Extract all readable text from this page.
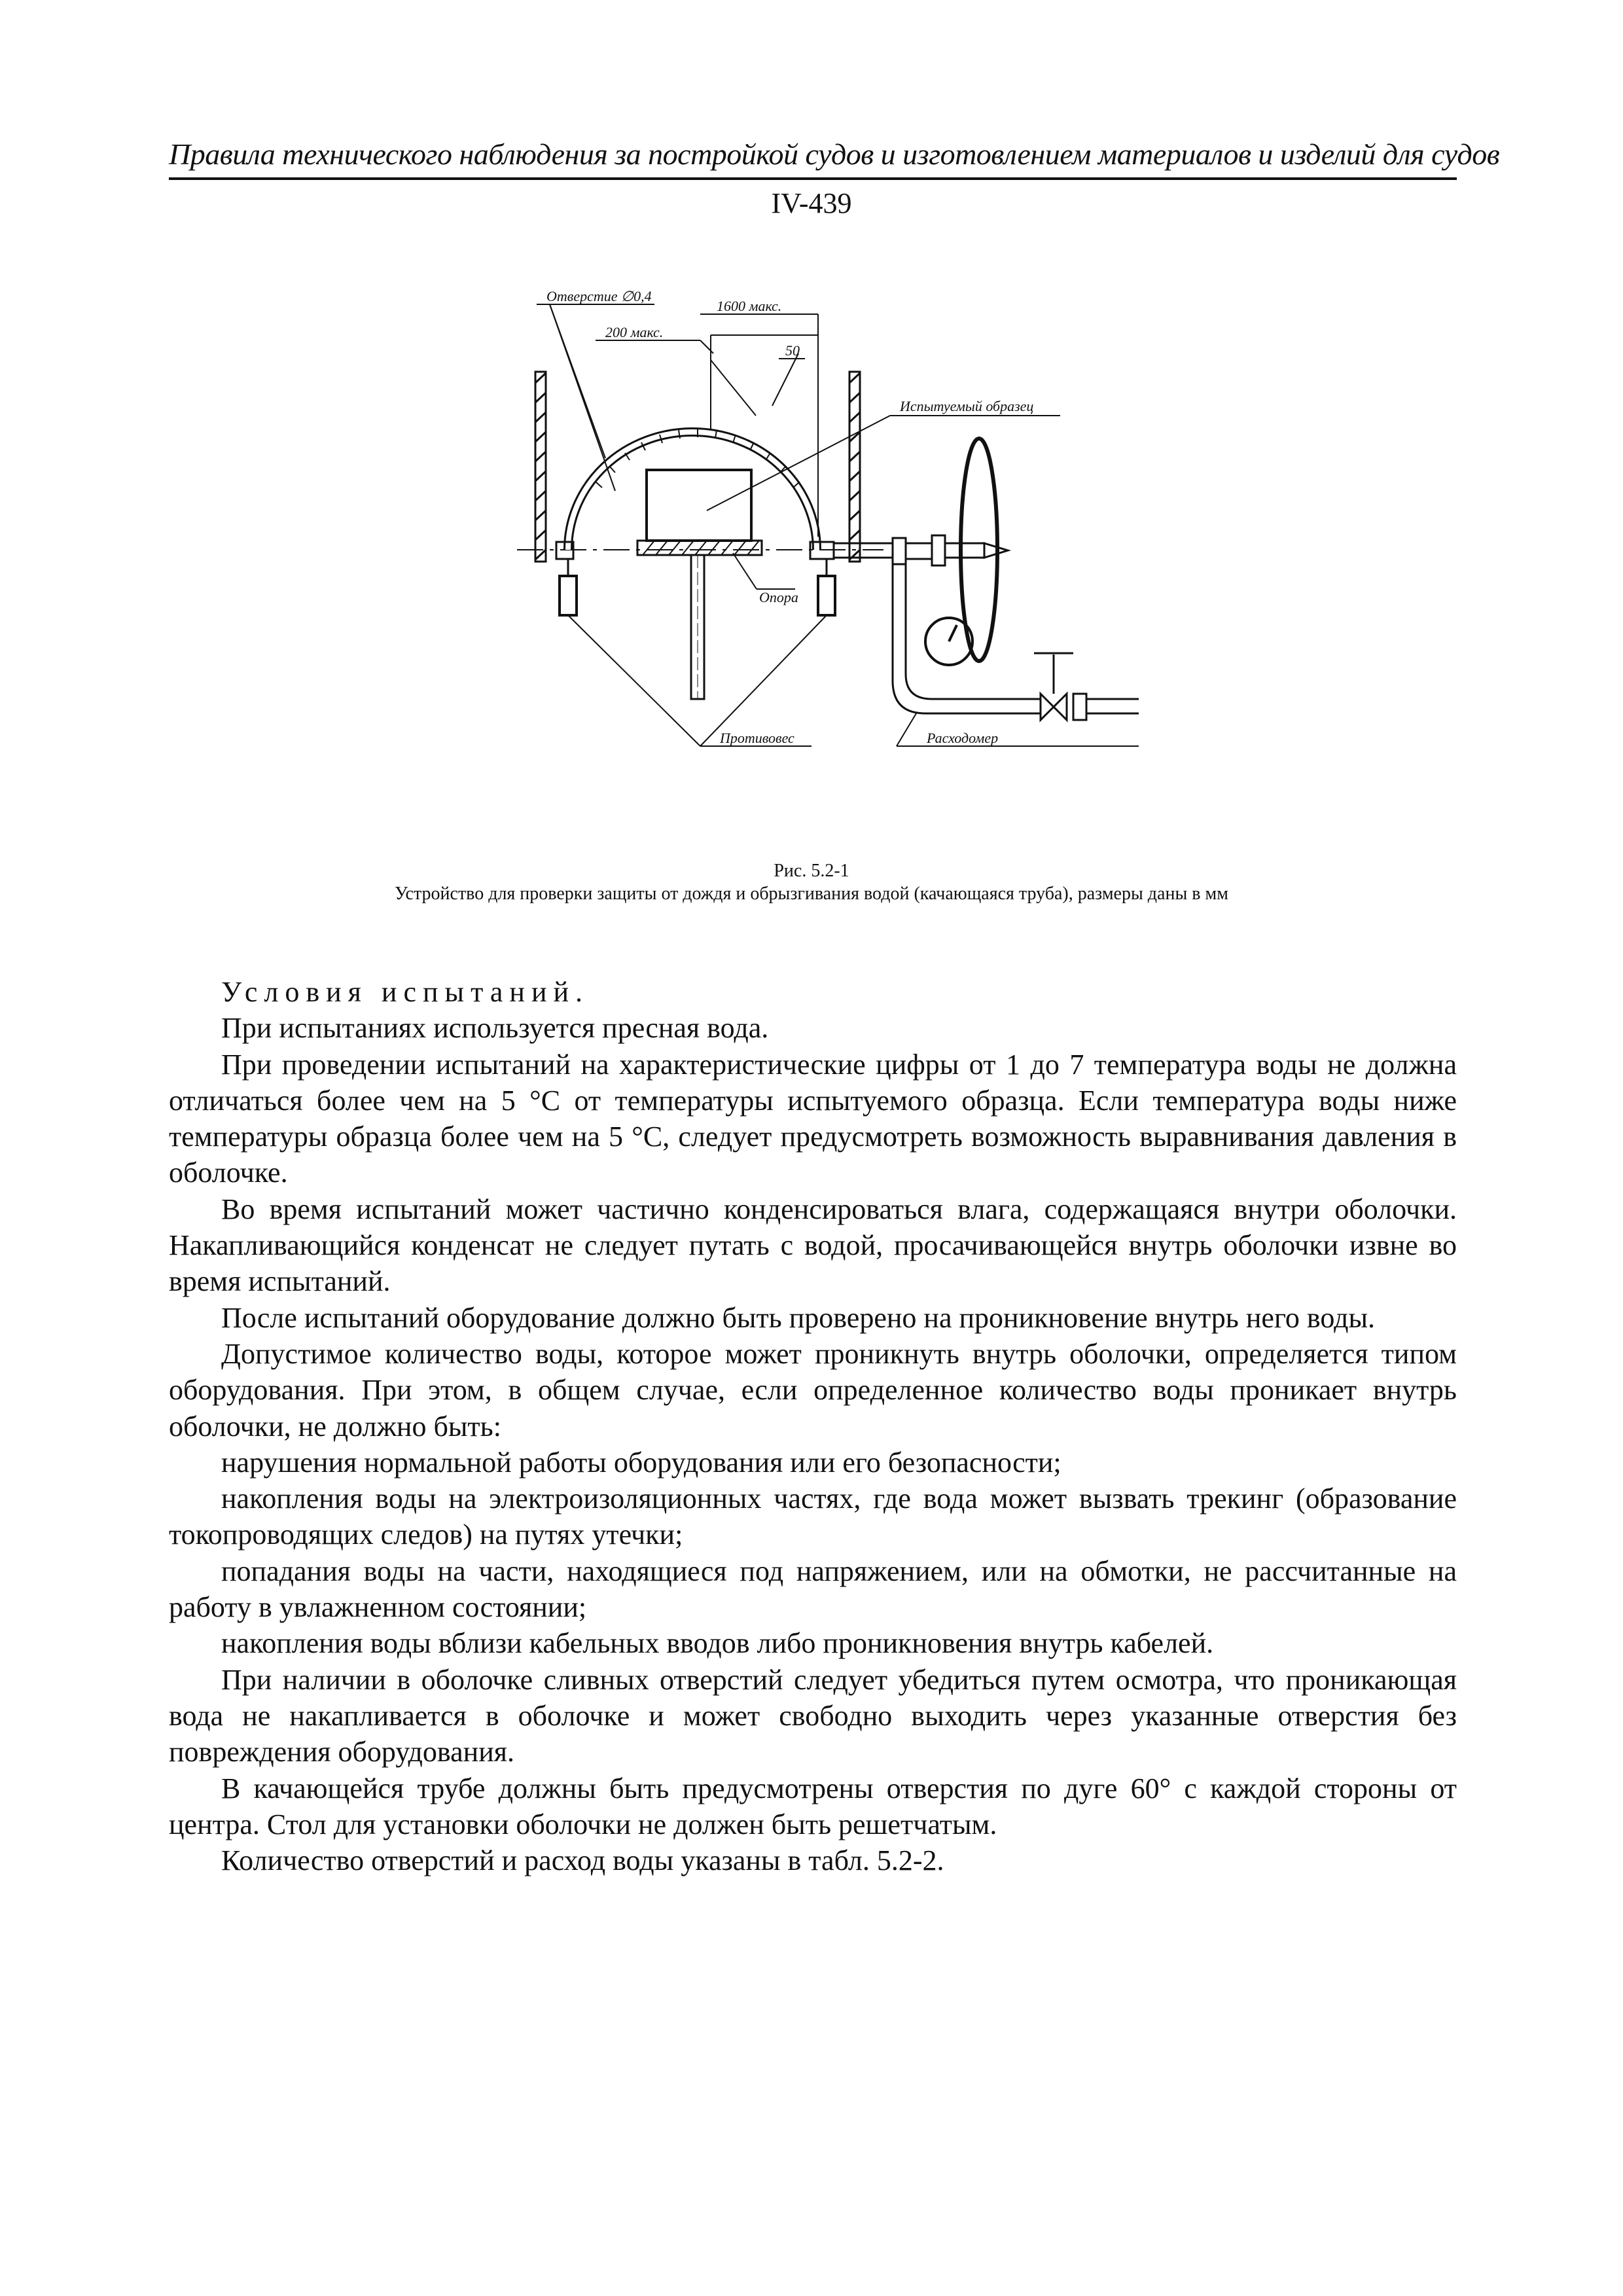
Правила технического наблюдения за постройкой судов и изготовлением материалов и изделий для судов
IV-439
Отверстие ∅0,4
1600 макс.
200 макс.
50
Испытуемый образец
Опора
Противовес	Расходомер
Рис. 5.2-1
Устройство для проверки защиты от дождя и обрызгивания водой (качающаяся труба), размеры даны в мм

Условия испытаний.

При испытаниях используется пресная вода.

При проведении испытаний на характеристические цифры от 1 до 7 температура воды не должна отличаться более чем на 5 °С от температуры испытуемого образца. Если температура воды ниже температуры образца более чем на 5 °С, следует предусмотреть возможность выравнивания давления в оболочке.

Во время испытаний может частично конденсироваться влага, содержащаяся внутри оболочки. Накапливающийся конденсат не следует путать с водой, просачивающейся внутрь оболочки извне во время испытаний.

После испытаний оборудование должно быть проверено на проникновение внутрь него воды.

Допустимое количество воды, которое может проникнуть внутрь оболочки, определяется типом оборудования. При этом, в общем случае, если определенное количество воды проникает внутрь оболочки, не должно быть:

нарушения нормальной работы оборудования или его безопасности;

накопления воды на электроизоляционных частях, где вода может вызвать трекинг (образование токопроводящих следов) на путях утечки;

попадания воды на части, находящиеся под напряжением, или на обмотки, не рассчитанные на работу в увлажненном состоянии;

накопления воды вблизи кабельных вводов либо проникновения внутрь кабелей.

При наличии в оболочке сливных отверстий следует убедиться путем осмотра, что проникающая вода не накапливается в оболочке и может свободно выходить через указанные отверстия без повреждения оборудования.

В качающейся трубе должны быть предусмотрены отверстия по дуге 60° с каждой стороны от центра. Стол для установки оболочки не должен быть решетчатым.

Количество отверстий и расход воды указаны в табл. 5.2-2.
